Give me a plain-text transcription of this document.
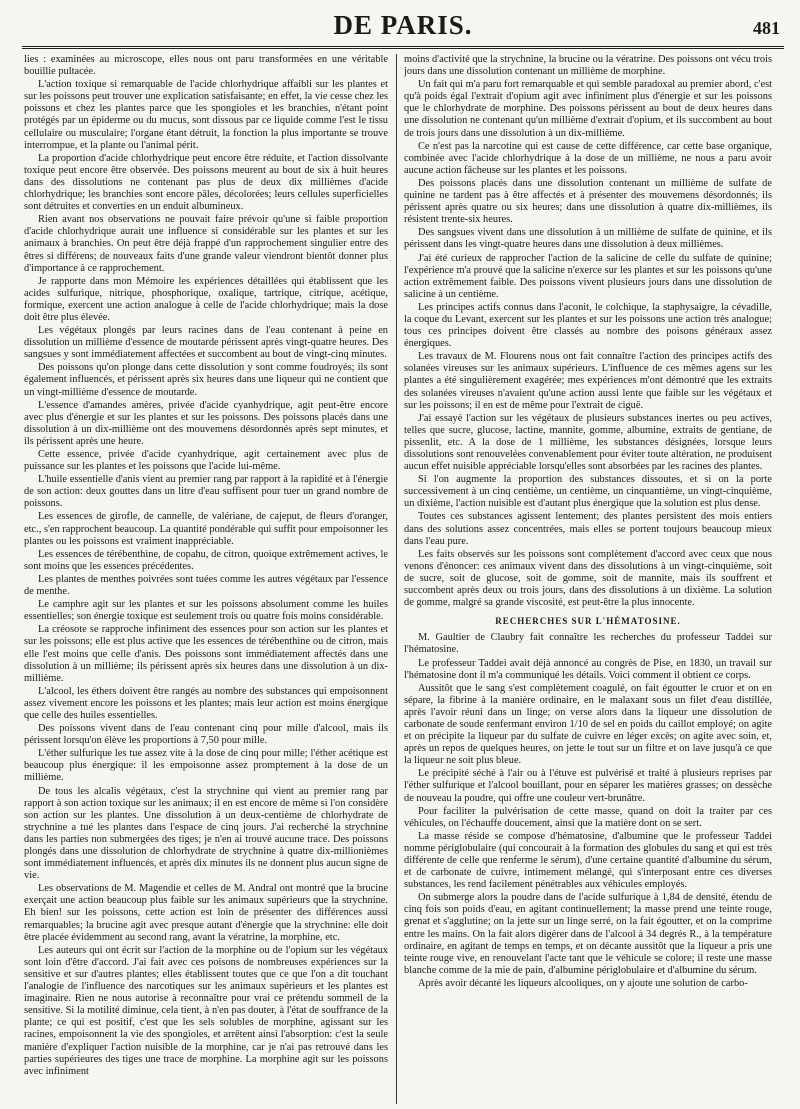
DE PARIS.	481

lies : examinées au microscope, elles nous ont paru transformées en une véritable bouillie pultacée.

L'action toxique si remarquable de l'acide chlorhydrique affaibli sur les plantes et sur les poissons peut trouver une explication satisfaisante; en effet, la vie cesse chez les poissons et chez les plantes parce que les spongioles et les branchies, n'étant point protégés par un épiderme ou du mucus, sont dissous par ce liquide comme l'est le tissu cellulaire ou musculaire; l'organe étant détruit, la fonction la plus importante se trouve interrompue, et la plante ou l'animal périt.

La proportion d'acide chlorhydrique peut encore être réduite, et l'action dissolvante toxique peut encore être observée. Des poissons meurent au bout de six à huit heures dans des dissolutions ne contenant pas plus de deux dix millièmes d'acide chlorhydrique; les branchies sont encore pâles, décolorées; leurs cellules superficielles sont détruites et converties en un enduit albumineux.

Rien avant nos observations ne pouvait faire prévoir qu'une si faible proportion d'acide chlorhydrique aurait une influence si considérable sur les plantes et sur les animaux à branchies. On peut être déjà frappé d'un rapprochement singulier entre des êtres si différens; de nouveaux faits d'une grande valeur viendront bientôt donner plus d'importance à ce rapprochement.

Je rapporte dans mon Mémoire les expériences détaillées qui établissent que les acides sulfurique, nitrique, phosphorique, oxalique, tartrique, citrique, acétique, formique, exercent une action analogue à celle de l'acide chlorhydrique; mais la dose doit être plus élevée.

Les végétaux plongés par leurs racines dans de l'eau contenant à peine en dissolution un millième d'essence de moutarde périssent après vingt-quatre heures. Des sangsues y sont immédiatement affectées et succombent au bout de vingt-cinq minutes.

Des poissons qu'on plonge dans cette dissolution y sont comme foudroyés; ils sont également influencés, et périssent après six heures dans une liqueur qui ne contient que un vingt-millième d'essence de moutarde.

L'essence d'amandes amères, privée d'acide cyanhydrique, agit peut-être encore avec plus d'énergie et sur les plantes et sur les poissons. Des poissons placés dans une dissolution à un dix-millième ont des mouvemens désordonnés après sept minutes, et ils périssent après une heure.

Cette essence, privée d'acide cyanhydrique, agit certainement avec plus de puissance sur les plantes et les poissons que l'acide lui-même.

L'huile essentielle d'anis vient au premier rang par rapport à la rapidité et à l'énergie de son action: deux gouttes dans un litre d'eau suffisent pour tuer un grand nombre de poissons.

Les essences de girofle, de cannelle, de valériane, de cajeput, de fleurs d'oranger, etc., s'en rapprochent beaucoup. La quantité pondérable qui suffit pour empoisonner les plantes ou les poissons est vraiment inappréciable.

Les essences de térébenthine, de copahu, de citron, quoique extrêmement actives, le sont moins que les essences précédentes.

Les plantes de menthes poivrées sont tuées comme les autres végétaux par l'essence de menthe.

Le camphre agit sur les plantes et sur les poissons absolument comme les huiles essentielles; son énergie toxique est seulement trois ou quatre fois moins considérable.

La créosote se rapproche infiniment des essences pour son action sur les plantes et sur les poissons; elle est plus active que les essences de térébenthine ou de citron, mais elle l'est moins que celle d'anis. Des poissons sont immédiatement affectés dans une dissolution à un millième; ils périssent après six heures dans une dissolution à un dix-millième.

L'alcool, les éthers doivent être rangés au nombre des substances qui empoisonnent assez vivement encore les poissons et les plantes; mais leur action est moins énergique que celle des huiles essentielles.

Des poissons vivent dans de l'eau contenant cinq pour mille d'alcool, mais ils périssent lorsqu'on élève les proportions à 7,50 pour mille.

L'éther sulfurique les tue assez vite à la dose de cinq pour mille; l'éther acétique est beaucoup plus énergique: il les empoisonne assez promptement à la dose de un millième.

De tous les alcalis végétaux, c'est la strychnine qui vient au premier rang par rapport à son action toxique sur les animaux; il en est encore de même si l'on considère son action sur les plantes. Une dissolution à un deux-centième de chlorhydrate de strychnine a tué les plantes dans l'espace de cinq jours. J'ai recherché la strychnine dans les parties non submergées des tiges; je n'en ai trouvé aucune trace. Des poissons plongés dans une dissolution de chlorhydrate de strychnine à quatre dix-millionièmes sont immédiatement influencés, et après dix minutes ils ne donnent plus aucun signe de vie.

Les observations de M. Magendie et celles de M. Andral ont montré que la brucine exerçait une action beaucoup plus faible sur les animaux supérieurs que la strychnine. Eh bien! sur les poissons, cette action est loin de présenter des différences aussi remarquables; la brucine agit avec presque autant d'énergie que la strychnine: elle doit être placée évidemment au second rang, avant la vératrine, la morphine, etc.

Les auteurs qui ont écrit sur l'action de la morphine ou de l'opium sur les végétaux sont loin d'être d'accord. J'ai fait avec ces poisons de nombreuses expériences sur la sensitive et sur d'autres plantes; elles établissent toutes que ce que l'on a dit touchant l'analogie de l'influence des narcotiques sur les animaux supérieurs et les plantes est imaginaire. Rien ne nous autorise à reconnaître pour vrai ce prétendu sommeil de la sensitive. Si la motilité diminue, cela tient, à n'en pas douter, à l'état de souffrance de la plante; ce qui est positif, c'est que les sels solubles de morphine, agissant sur les racines, empoisonnent la vie des spongioles, et arrêtent ainsi l'absorption: c'est la seule manière d'expliquer l'action nuisible de la morphine, car je n'ai pas retrouvé dans les parties supérieures des tiges une trace de morphine. La morphine agit sur les poissons avec infiniment

moins d'activité que la strychnine, la brucine ou la vératrine. Des poissons ont vécu trois jours dans une dissolution contenant un millième de morphine.

Un fait qui m'a paru fort remarquable et qui semble paradoxal au premier abord, c'est qu'à poids égal l'extrait d'opium agit avec infiniment plus d'énergie et sur les poissons que le chlorhydrate de morphine. Des poissons périssent au bout de deux heures dans une dissolution ne contenant qu'un millième d'extrait d'opium, et ils succombent au bout de trois jours dans une dissolution à un dix-millième.

Ce n'est pas la narcotine qui est cause de cette différence, car cette base organique, combinée avec l'acide chlorhydrique à la dose de un millième, ne nous a paru avoir aucune action fâcheuse sur les plantes et les poissons.

Des poissons placés dans une dissolution contenant un millième de sulfate de quinine ne tardent pas à être affectés et à présenter des mouvemens désordonnés; ils périssent après quatre ou six heures; dans une dissolution à quatre dix-millièmes, ils résistent trente-six heures.

Des sangsues vivent dans une dissolution à un millième de sulfate de quinine, et ils périssent dans les vingt-quatre heures dans une dissolution à deux millièmes.

J'ai été curieux de rapprocher l'action de la salicine de celle du sulfate de quinine; l'expérience m'a prouvé que la salicine n'exerce sur les plantes et sur les poissons qu'une action extrêmement faible. Des poissons vivent plusieurs jours dans une dissolution de salicine à un centième.

Les principes actifs connus dans l'aconit, le colchique, la staphysaigre, la cévadille, la coque du Levant, exercent sur les plantes et sur les poissons une action très analogue; tous ces principes doivent être classés au nombre des poisons généraux assez énergiques.

Les travaux de M. Flourens nous ont fait connaître l'action des principes actifs des solanées vireuses sur les animaux supérieurs. L'influence de ces mêmes agens sur les plantes a été singulièrement exagérée; mes expériences m'ont démontré que les extraits des solanées vireuses n'avaient qu'une action aussi lente que faible sur les végétaux et sur les poissons; il en est de même pour l'extrait de ciguë.

J'ai essayé l'action sur les végétaux de plusieurs substances inertes ou peu actives, telles que sucre, glucose, lactine, mannite, gomme, albumine, extraits de gentiane, de pissenlit, etc. A la dose de 1 millième, les substances désignées, lorsque leurs dissolutions sont renouvelées convenablement pour éviter toute altération, ne produisent aucun effet nuisible appréciable lorsqu'elles sont absorbées par les racines des plantes.

Si l'on augmente la proportion des substances dissoutes, et si on la porte successivement à un cinq centième, un centième, un cinquantième, un vingt-cinquième, un dixième, l'action nuisible est d'autant plus énergique que la solution est plus dense.

Toutes ces substances agissent lentement; des plantes persistent des mois entiers dans des solutions assez concentrées, mais elles se portent toujours beaucoup mieux dans l'eau pure.

Les faits observés sur les poissons sont complètement d'accord avec ceux que nous venons d'énoncer: ces animaux vivent dans des dissolutions à un vingt-cinquième, soit de sucre, soit de glucose, soit de gomme, soit de mannite, mais ils souffrent et succombent après deux ou trois jours, dans des dissolutions à un dixième. La solution de gomme, malgré sa grande viscosité, est peut-être la plus innocente.

RECHERCHES SUR L'HÉMATOSINE.

M. Gaultier de Claubry fait connaître les recherches du professeur Taddei sur l'hématosine.

Le professeur Taddei avait déjà annoncé au congrès de Pise, en 1830, un travail sur l'hématosine dont il m'a communiqué les détails. Voici comment il obtient ce corps.

Aussitôt que le sang s'est complètement coagulé, on fait égoutter le cruor et on en sépare, la fibrine à la manière ordinaire, en le malaxant sous un filet d'eau distillée, après l'avoir réuni dans un linge; on verse alors dans la liqueur une dissolution de carbonate de soude renfermant environ 1/10 de sel en poids du caillot employé; on agite et on précipite la liqueur par du sulfate de cuivre en léger excès; on agite avec soin, et, après un repos de quelques heures, on jette le tout sur un filtre et on lave jusqu'à ce que la liqueur ne soit plus bleue.

Le précipité séché à l'air ou à l'étuve est pulvérisé et traité à plusieurs reprises par l'éther sulfurique et l'alcool bouillant, pour en séparer les matières grasses; on dessèche de nouveau la poudre, qui offre une couleur vert-brunâtre.

Pour faciliter la pulvérisation de cette masse, quand on doit la traiter par ces véhicules, on l'échauffe doucement, ainsi que la matière dont on se sert.

La masse réside se compose d'hématosine, d'albumine que le professeur Taddei nomme périglobulaire (qui concourait à la formation des globules du sang et qui est très différente de celle que renferme le sérum), d'une certaine quantité d'albumine du sérum, et de carbonate de cuivre, intimement mélangé, qui s'interposant entre ces diverses substances, les rend facilement pénétrables aux véhicules employés.

On submerge alors la poudre dans de l'acide sulfurique à 1,84 de densité, étendu de cinq fois son poids d'eau, en agitant continuellement; la masse prend une teinte rouge, grenat et s'agglutine; on la jette sur un linge serré, on la fait égoutter, et on la comprime entre les mains. On la fait alors digérer dans de l'alcool à 34 degrés R., à la température ordinaire, en agitant de temps en temps, et on décante aussitôt que la liqueur a pris une teinte rouge vive, en renouvelant l'acte tant que le véhicule se colore; il reste une masse blanche comme de la mie de pain, d'albumine périglobulaire et d'albumine du sérum.

Après avoir décanté les liqueurs alcooliques, on y ajoute une solution de carbo-
